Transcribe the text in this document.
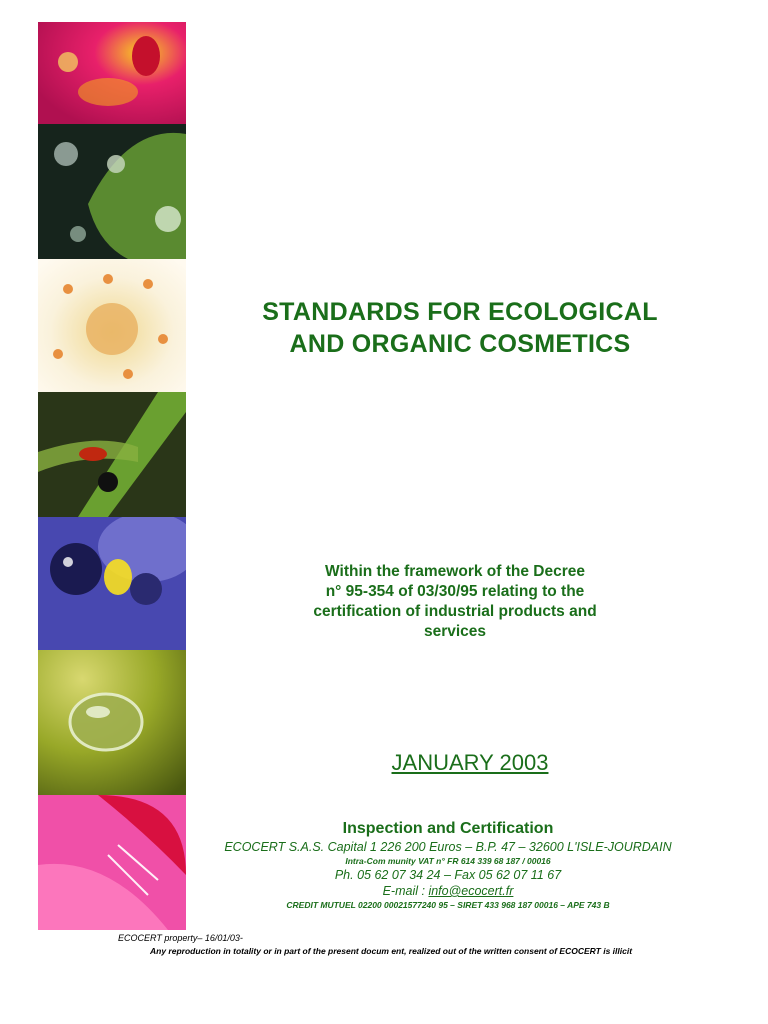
STANDARDS FOR ECOLOGICAL
AND ORGANIC COSMETICS
Within the framework of the Decree
n° 95-354 of 03/30/95 relating to the
certification of industrial products and
services
JANUARY 2003
Inspection and Certification
ECOCERT S.A.S. Capital 1 226 200 Euros – B.P. 47 – 32600 L'ISLE-JOURDAIN
Intra-Com munity VAT n° FR 614 339 68 187 / 00016
Ph. 05 62 07 34 24 – Fax 05 62 07 11 67
E-mail : info@ecocert.fr
CREDIT MUTUEL 02200 00021577240 95 – SIRET 433 968 187 00016 – APE 743 B
ECOCERT property– 16/01/03-
Any reproduction in totality or in part of the present docum ent, realized out of the written consent of ECOCERT is illicit
